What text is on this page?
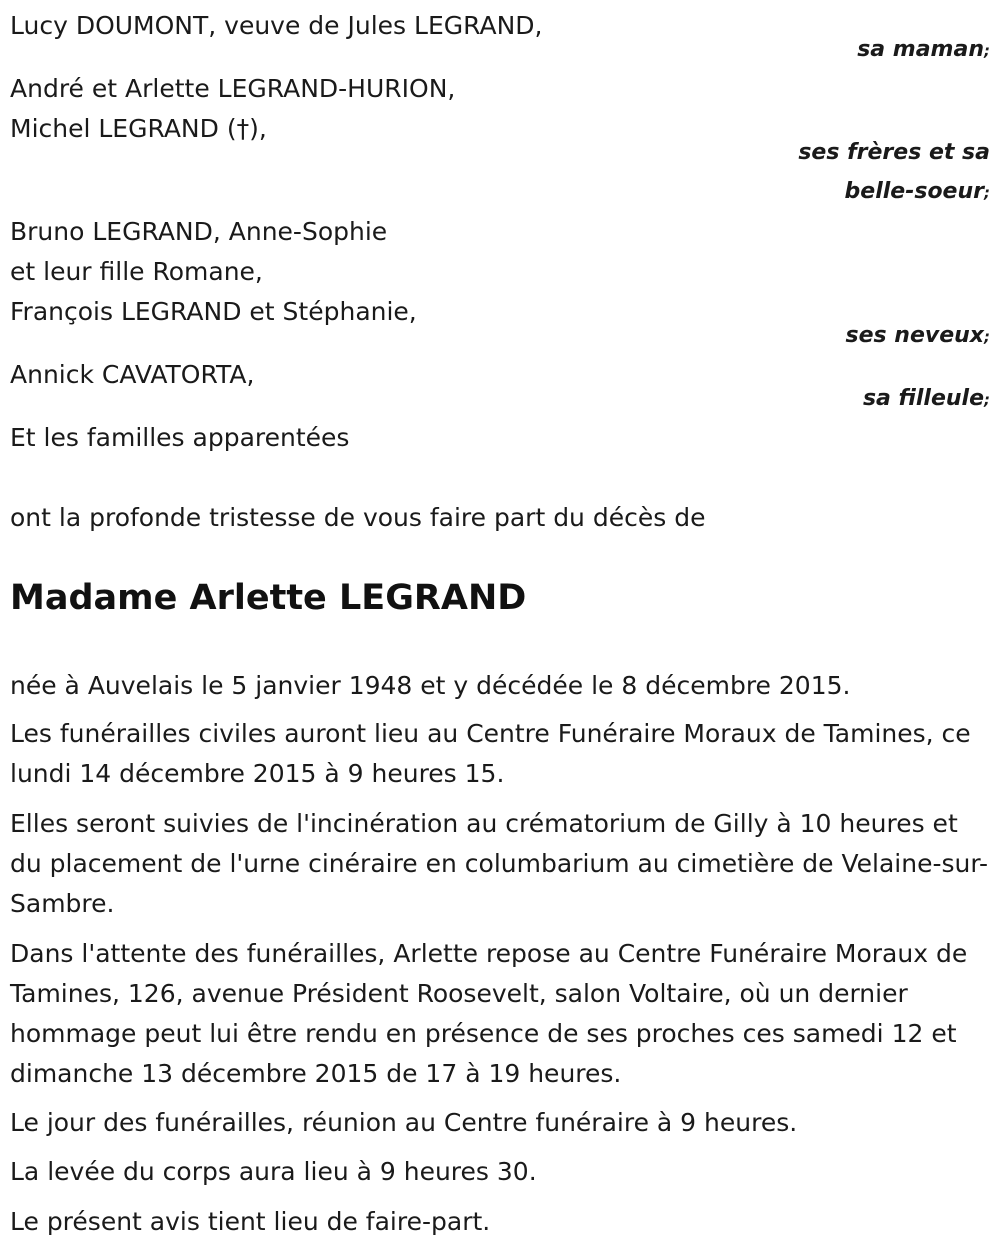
Lucy DOUMONT, veuve de Jules LEGRAND,
sa maman;
André et Arlette LEGRAND-HURION,
Michel LEGRAND (†),
ses frères et sa
belle-soeur;
Bruno LEGRAND, Anne-Sophie
et leur fille Romane,
François LEGRAND et Stéphanie,
ses neveux;
Annick CAVATORTA,
sa filleule;
Et les familles apparentées
ont la profonde tristesse de vous faire part du décès de
Madame Arlette LEGRAND
née à Auvelais le 5 janvier 1948 et y décédée le 8 décembre 2015.
Les funérailles civiles auront lieu au Centre Funéraire Moraux de Tamines, ce lundi 14 décembre 2015 à 9 heures 15.
Elles seront suivies de l'incinération au crématorium de Gilly à 10 heures et du placement de l'urne cinéraire en columbarium au cimetière de Velaine-sur-Sambre.
Dans l'attente des funérailles, Arlette repose au Centre Funéraire Moraux de Tamines, 126, avenue Président Roosevelt, salon Voltaire, où un dernier hommage peut lui être rendu en présence de ses proches ces samedi 12 et dimanche 13 décembre 2015 de 17 à 19 heures.
Le jour des funérailles, réunion au Centre funéraire à 9 heures.
La levée du corps aura lieu à 9 heures 30.
Le présent avis tient lieu de faire-part.
